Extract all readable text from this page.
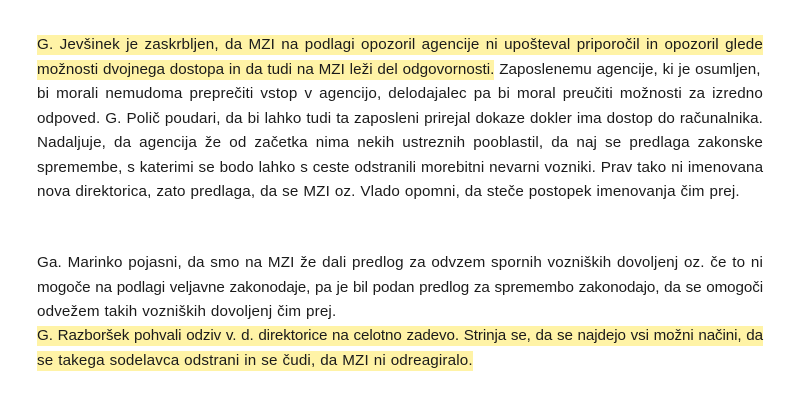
G. Jevšinek je zaskrbljen, da MZI na podlagi opozoril agencije ni upošteval priporočil in opozoril glede
možnosti dvojnega dostopa in da tudi na MZI leži del odgovornosti. Zaposlenemu agencije, ki je osumljen,
bi morali nemudoma preprečiti vstop v agencijo, delodajalec pa bi moral preučiti možnosti za izredno
odpoved. G. Polič poudari, da bi lahko tudi ta zaposleni prirejal dokaze dokler ima dostop do računalnika.
Nadaljuje, da agencija že od začetka nima nekih ustreznih pooblastil, da naj se predlaga zakonske
spremembe, s katerimi se bodo lahko s ceste odstranili morebitni nevarni vozniki. Prav tako ni imenovana
nova direktorica, zato predlaga, da se MZI oz. Vlado opomni, da steče postopek imenovanja čim prej.
Ga. Marinko pojasni, da smo na MZI že dali predlog za odvzem spornih vozniških dovoljenj oz. če to ni
mogoče na podlagi veljavne zakonodaje, pa je bil podan predlog za spremembo zakonodajo, da se omogoči
odvežem takih vozniških dovoljenj čim prej.
G. Razboršek pohvali odziv v. d. direktorice na celotno zadevo. Strinja se, da se najdejo vsi možni načini, da
se takega sodelavca odstrani in se čudi, da MZI ni odreagiralo.
